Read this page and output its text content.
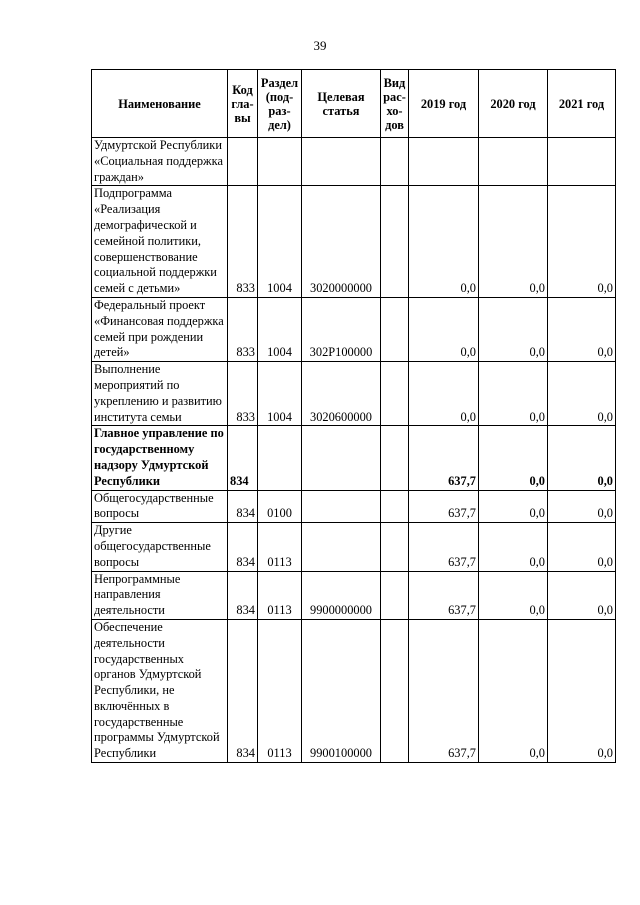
39
Наименование	Код гла- вы	Раздел (под- раз- дел)	Целевая статья	Вид рас- хо- дов	2019 год	2020 год	2021 год
Удмуртской Республики «Социальная поддержка граждан»							
Подпрограмма «Реализация демографической и семейной политики, совершенствование социальной поддержки семей с детьми»	833	1004	3020000000		0,0	0,0	0,0
Федеральный проект «Финансовая поддержка семей при рождении детей»	833	1004	302P100000		0,0	0,0	0,0
Выполнение мероприятий по укреплению и развитию института семьи	833	1004	3020600000		0,0	0,0	0,0
Главное управление по государственному надзору Удмуртской Республики	834				637,7	0,0	0,0
Общегосударственные вопросы	834	0100			637,7	0,0	0,0
Другие общегосударственные вопросы	834	0113			637,7	0,0	0,0
Непрограммные направления деятельности	834	0113	9900000000		637,7	0,0	0,0
Обеспечение деятельности государственных органов Удмуртской Республики, не включённых в государственные программы Удмуртской Республики	834	0113	9900100000		637,7	0,0	0,0
